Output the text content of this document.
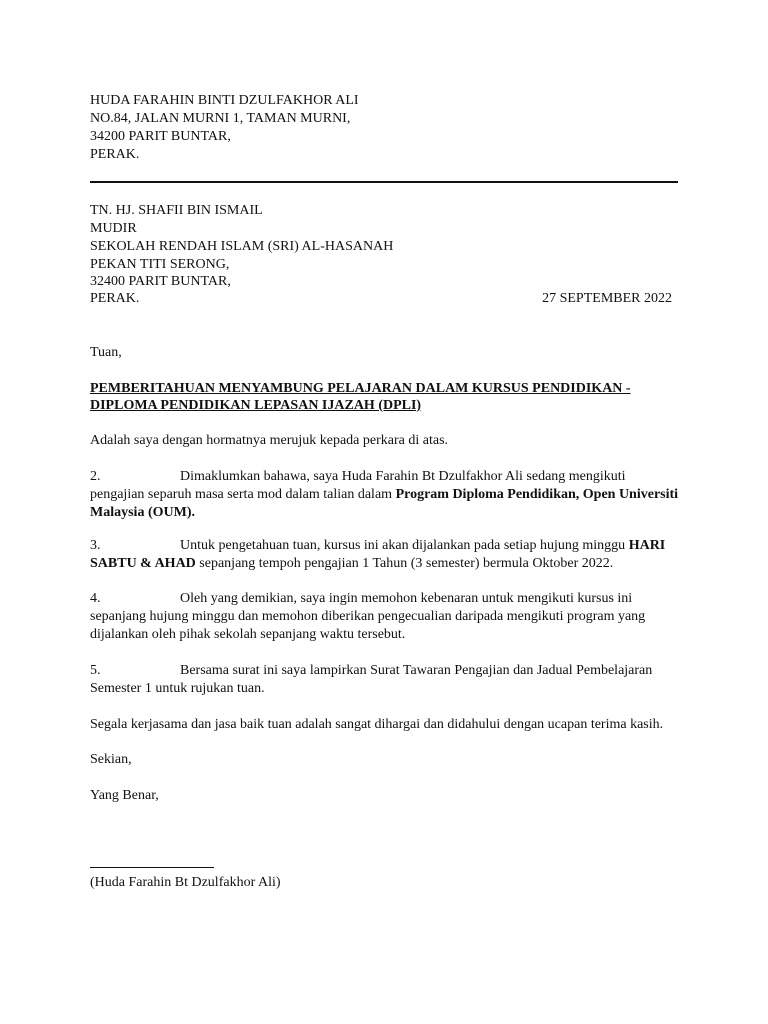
HUDA FARAHIN BINTI DZULFAKHOR ALI
NO.84, JALAN MURNI 1, TAMAN MURNI,
34200 PARIT BUNTAR,
PERAK.
TN. HJ. SHAFII BIN ISMAIL
MUDIR
SEKOLAH RENDAH ISLAM (SRI) AL-HASANAH
PEKAN TITI SERONG,
32400 PARIT BUNTAR,
PERAK.	27 SEPTEMBER 2022
Tuan,
PEMBERITAHUAN MENYAMBUNG PELAJARAN DALAM KURSUS PENDIDIKAN -
DIPLOMA PENDIDIKAN LEPASAN IJAZAH (DPLI)
Adalah saya dengan hormatnya merujuk kepada perkara di atas.
2.	Dimaklumkan bahawa, saya Huda Farahin Bt Dzulfakhor Ali sedang mengikuti pengajian separuh masa serta mod dalam talian dalam Program Diploma Pendidikan, Open Universiti Malaysia (OUM).
3.	Untuk pengetahuan tuan, kursus ini akan dijalankan pada setiap hujung minggu HARI SABTU & AHAD sepanjang tempoh pengajian 1 Tahun (3 semester) bermula Oktober 2022.
4.	Oleh yang demikian, saya ingin memohon kebenaran untuk mengikuti kursus ini sepanjang hujung minggu dan memohon diberikan pengecualian daripada mengikuti program yang dijalankan oleh pihak sekolah sepanjang waktu tersebut.
5.	Bersama surat ini saya lampirkan Surat Tawaran Pengajian dan Jadual Pembelajaran Semester 1 untuk rujukan tuan.
Segala kerjasama dan jasa baik tuan adalah sangat dihargai dan didahului dengan ucapan terima kasih.
Sekian,
Yang Benar,
(Huda Farahin Bt Dzulfakhor Ali)
